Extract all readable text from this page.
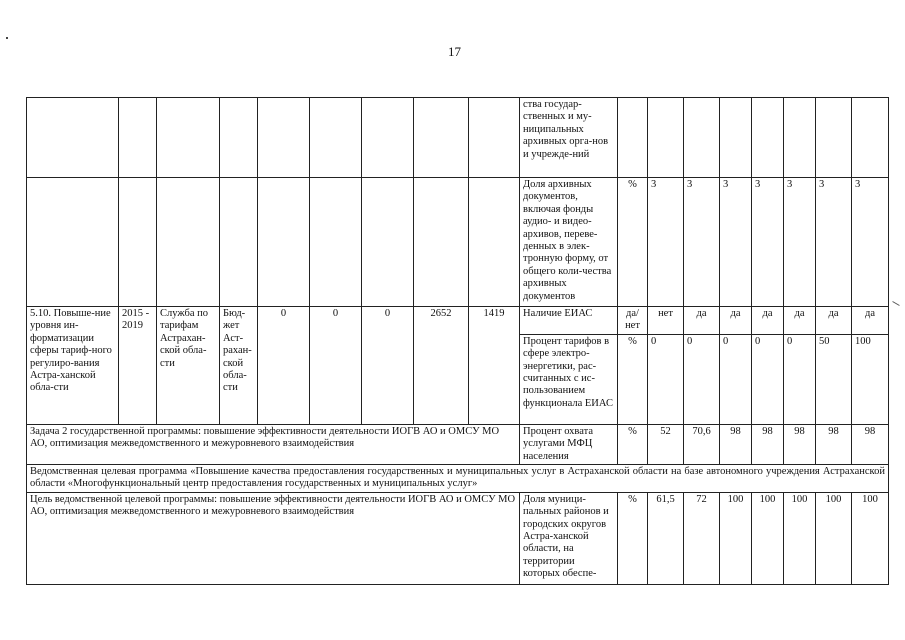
17
									ства государ-ственных и му-ниципальных архивных орга-нов и учрежде-ний								
									Доля архивных документов, включая фонды аудио- и видео-архивов, переве-денных в элек-тронную форму, от общего коли-чества архивных документов	%	3	3	3	3	3	3	3
5.10. Повыше-ние уровня ин-форматизации сферы тариф-ного регулиро-вания Астра-ханской обла-сти	2015 - 2019	Служба по тарифам Астрахан-ской обла-сти	Бюд-жет Аст-рахан-ской обла-сти	0	0	0	2652	1419	Наличие ЕИАС	да/ нет	нет	да	да	да	да	да	да
									Процент тарифов в сфере электро-энергетики, рас-считанных с ис-пользованием функционала ЕИАС	%	0	0	0	0	0	50	100
Задача 2 государственной программы: повышение эффективности деятельности ИОГВ АО и ОМСУ МО АО, оптимизация межведомственного и межуровневого взаимодействия									Процент охвата услугами МФЦ населения	%	52	70,6	98	98	98	98	98
Ведомственная целевая программа «Повышение качества предоставления государственных и муниципальных услуг в Астраханской области на базе автономного учреждения Астраханской области «Многофункциональный центр предоставления государственных и муниципальных услуг»																	
Цель ведомственной целевой программы: повышение эффективности деятельности ИОГВ АО и ОМСУ МО АО, оптимизация межведомственного и межуровневого взаимодействия									Доля муници-пальных районов и городских округов Астра-ханской области, на территории которых обеспе-	%	61,5	72	100	100	100	100	100
